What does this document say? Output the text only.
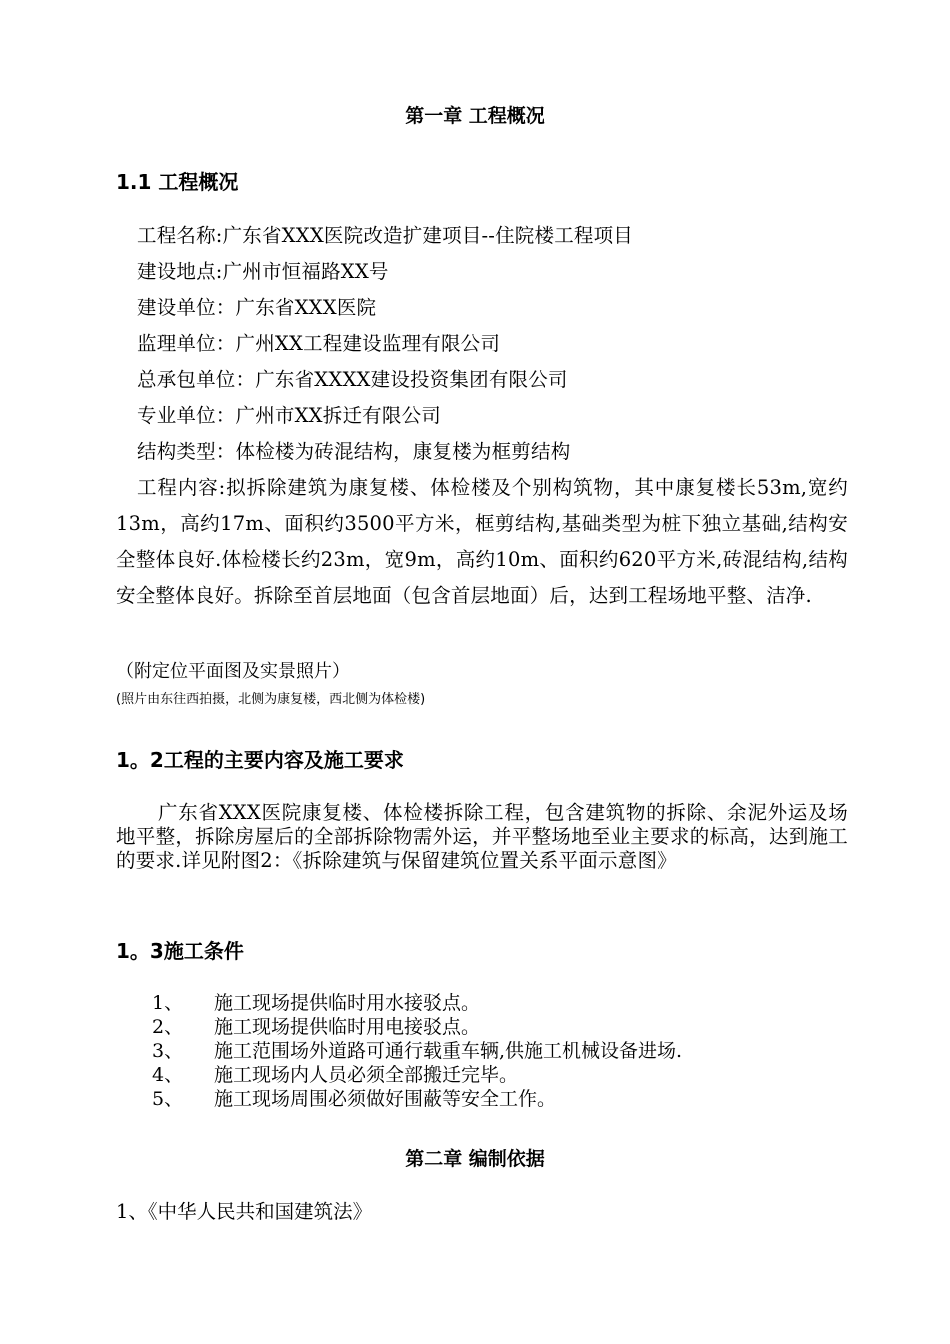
第一章 工程概况
1.1 工程概况
工程名称:广东省XXX医院改造扩建项目--住院楼工程项目
建设地点:广州市恒福路XX号
建设单位：广东省XXX医院
监理单位：广州XX工程建设监理有限公司
总承包单位：广东省XXXX建设投资集团有限公司
专业单位：广州市XX拆迁有限公司
结构类型：体检楼为砖混结构，康复楼为框剪结构
工程内容:拟拆除建筑为康复楼、体检楼及个别构筑物，其中康复楼长53m,宽约13m，高约17m、面积约3500平方米，框剪结构,基础类型为桩下独立基础,结构安全整体良好.体检楼长约23m，宽9m，高约10m、面积约620平方米,砖混结构,结构安全整体良好。拆除至首层地面（包含首层地面）后，达到工程场地平整、洁净.
（附定位平面图及实景照片）
(照片由东往西拍摄，北侧为康复楼，西北侧为体检楼)
1。2工程的主要内容及施工要求
广东省XXX医院康复楼、体检楼拆除工程，包含建筑物的拆除、余泥外运及场地平整，拆除房屋后的全部拆除物需外运，并平整场地至业主要求的标高，达到施工的要求.详见附图2：《拆除建筑与保留建筑位置关系平面示意图》
1。3施工条件
1、	施工现场提供临时用水接驳点。
2、	施工现场提供临时用电接驳点。
3、	施工范围场外道路可通行载重车辆,供施工机械设备进场.
4、	施工现场内人员必须全部搬迁完毕。
5、	施工现场周围必须做好围蔽等安全工作。
第二章 编制依据
1、《中华人民共和国建筑法》
